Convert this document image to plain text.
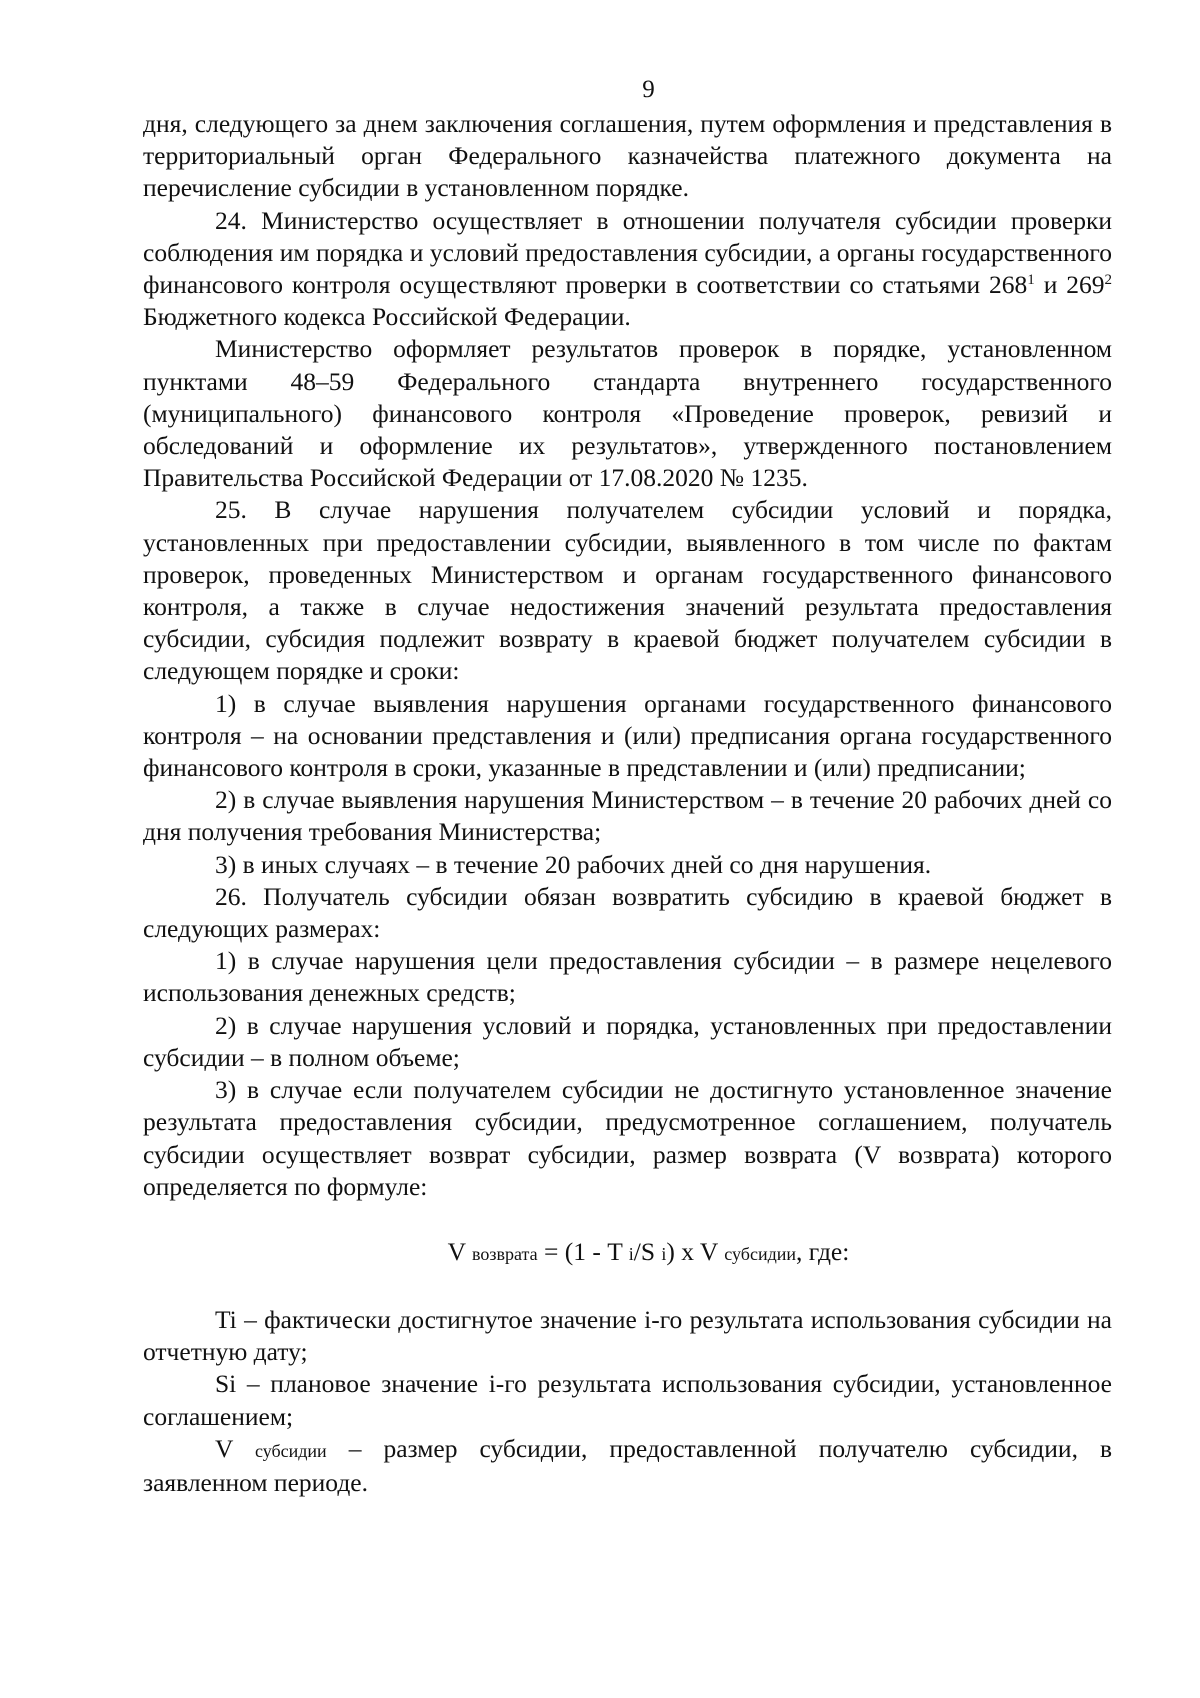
9

дня, следующего за днем заключения соглашения, путем оформления и представления в территориальный орган Федерального казначейства платежного документа на перечисление субсидии в установленном порядке.

24. Министерство осуществляет в отношении получателя субсидии проверки соблюдения им порядка и условий предоставления субсидии, а органы государственного финансового контроля осуществляют проверки в соответствии со статьями $268^1$ и $269^2$ Бюджетного кодекса Российской Федерации.

Министерство оформляет результатов проверок в порядке, установленном пунктами 48–59 Федерального стандарта внутреннего государственного (муниципального) финансового контроля «Проведение проверок, ревизий и обследований и оформление их результатов», утвержденного постановлением Правительства Российской Федерации от 17.08.2020 № 1235.

25. В случае нарушения получателем субсидии условий и порядка, установленных при предоставлении субсидии, выявленного в том числе по фактам проверок, проведенных Министерством и органам государственного финансового контроля, а также в случае недостижения значений результата предоставления субсидии, субсидия подлежит возврату в краевой бюджет получателем субсидии в следующем порядке и сроки:

1) в случае выявления нарушения органами государственного финансового контроля – на основании представления и (или) предписания органа государственного финансового контроля в сроки, указанные в представлении и (или) предписании;

2) в случае выявления нарушения Министерством – в течение 20 рабочих дней со дня получения требования Министерства;

3) в иных случаях – в течение 20 рабочих дней со дня нарушения.

26. Получатель субсидии обязан возвратить субсидию в краевой бюджет в следующих размерах:

1) в случае нарушения цели предоставления субсидии – в размере нецелевого использования денежных средств;

2) в случае нарушения условий и порядка, установленных при предоставлении субсидии – в полном объеме;

3) в случае если получателем субсидии не достигнуто установленное значение результата предоставления субсидии, предусмотренное соглашением, получатель субсидии осуществляет возврат субсидии, размер возврата (V возврата) которого определяется по формуле:

V возврата = (1 - T i/S i) x V субсидии, где:

Ti – фактически достигнутое значение i-го результата использования субсидии на отчетную дату;

Si – плановое значение i-го результата использования субсидии, установленное соглашением;

V субсидии – размер субсидии, предоставленной получателю субсидии, в заявленном периоде.
